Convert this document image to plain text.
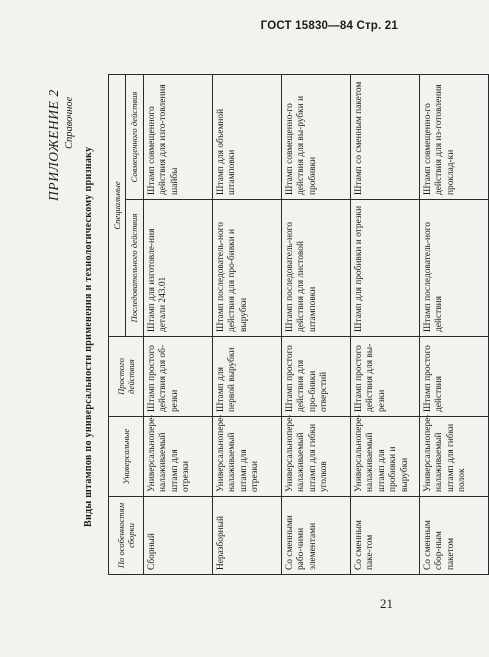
ГОСТ 15830—84 Стр. 21
ПРИЛОЖЕНИЕ 2 Справочное
Виды штампов по универсальности применения и технологическому признаку
По особенностям сборки	Универсальные	Простого действия	Специальные	
			Последовательного действия	Совмещенного действия
Сборный	Универсальнопере-налаживаемый штамп для отрезки	Штамп простого действия для об-резки	Штамп для изготовле-ния детали 243.01	Штамп совмещенного действия для изго-товления шайбы
Неразборный	Универсальнопере-налаживаемый штамп для отрезки	Штамп для первой вырубки	Штамп последователь-ного действия для про-бивки и вырубки	Штамп для объемной штамповки
Со сменными рабо-чими элементами	Универсальнопере-налаживаемый штамп для гибки уголков	Штамп простого действия для про-бивки отверстий	Штамп последователь-ного действия для листовой штамповки	Штамп совмещенно-го действия для вы-рубки и пробивки
Со сменным паке-том	Универсальнопере-налаживаемый штамп для пробивки и вырубки	Штамп простого действия для вы-резки	Штамп для пробивки и отрезки	Штамп со сменным пакетом
Со сменным сбор-ным пакетом	Универсальнопере-налаживаемый штамп для гибки полок	Штамп простого действия	Штамп последователь-ного действия	Штамп совмещенно-го действия для из-готовления проклад-ки
21
